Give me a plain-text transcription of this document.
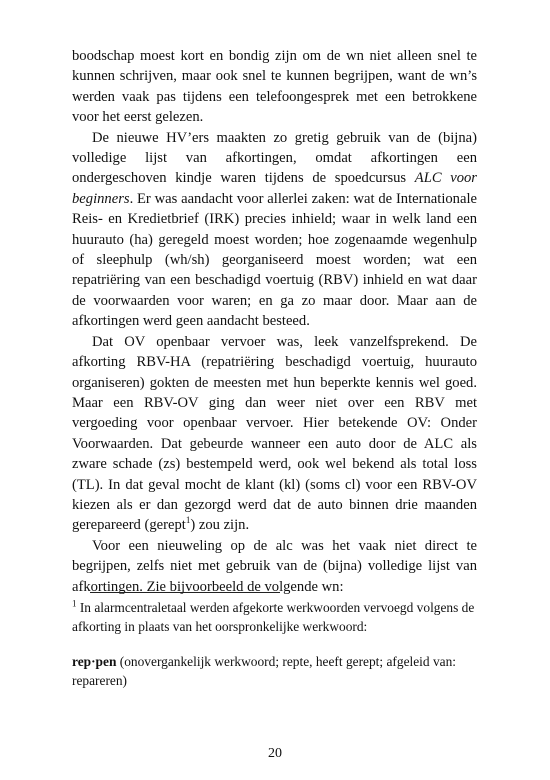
boodschap moest kort en bondig zijn om de wn niet alleen snel te kunnen schrijven, maar ook snel te kunnen begrijpen, want de wn’s werden vaak pas tijdens een telefoongesprek met een betrokkene voor het eerst gelezen.

De nieuwe HV’ers maakten zo gretig gebruik van de (bijna) volledige lijst van afkortingen, omdat afkortingen een ondergeschoven kindje waren tijdens de spoedcursus ALC voor beginners. Er was aandacht voor allerlei zaken: wat de Internationale Reis- en Kredietbrief (IRK) precies inhield; waar in welk land een huurauto (ha) geregeld moest worden; hoe zogenaamde wegenhulp of sleephulp (wh/sh) georganiseerd moest worden; wat een repatriëring van een beschadigd voertuig (RBV) inhield en wat daar de voorwaarden voor waren; en ga zo maar door. Maar aan de afkortingen werd geen aandacht besteed.

Dat OV openbaar vervoer was, leek vanzelfsprekend. De afkorting RBV-HA (repatriëring beschadigd voertuig, huurauto organiseren) gokten de meesten met hun beperkte kennis wel goed. Maar een RBV-OV ging dan weer niet over een RBV met vergoeding voor openbaar vervoer. Hier betekende OV: Onder Voorwaarden. Dat gebeurde wanneer een auto door de ALC als zware schade (zs) bestempeld werd, ook wel bekend als total loss (TL). In dat geval mocht de klant (kl) (soms cl) voor een RBV-OV kiezen als er dan gezorgd werd dat de auto binnen drie maanden gerepareerd (gerept$^1$) zou zijn.

Voor een nieuweling op de alc was het vaak niet direct te begrijpen, zelfs niet met gebruik van de (bijna) volledige lijst van afkortingen. Zie bijvoorbeeld de volgende wn:

$^1$ In alarmcentraletaal werden afgekorte werkwoorden vervoegd volgens de afkorting in plaats van het oorspronkelijke werkwoord:

rep·pen (onovergankelijk werkwoord; repte, heeft gerept; afgeleid van: repareren)

20
